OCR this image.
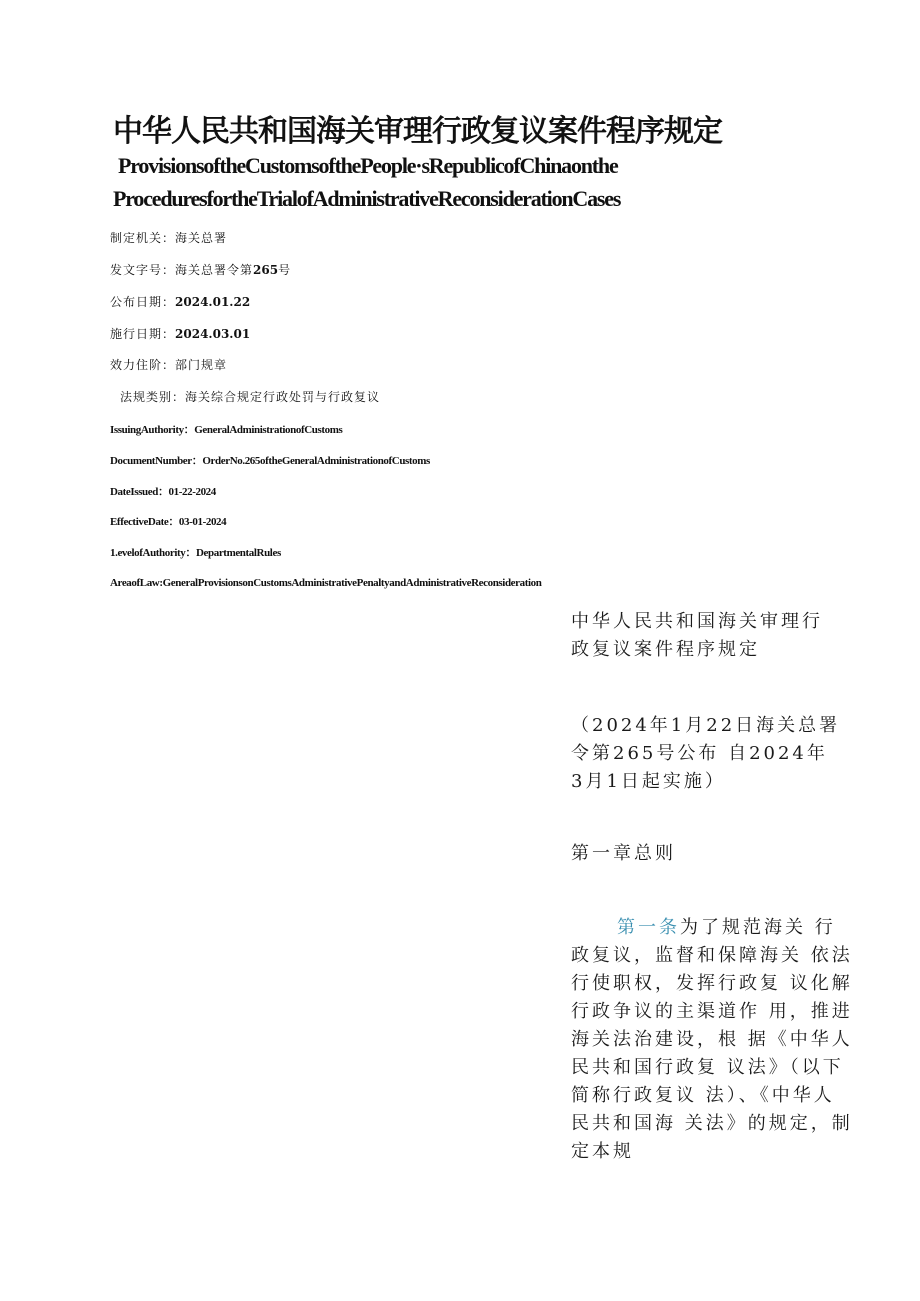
中华人民共和国海关审理行政复议案件程序规定
ProvisionsoftheCustomsofthePeople·sRepublicofChinaonthe
ProceduresfortheTrialofAdministrativeReconsiderationCases
制定机关：海关总署
发文字号：海关总署令第265号
公布日期：2024.01.22
施行日期：2024.03.01
效力住阶：部门规章
法规类别：海关综合规定行政处罚与行政复议
IssuingAuthority：GeneralAdministrationofCustoms
DocumentNumber：OrderNo.265oftheGeneralAdministrationofCustoms
DateIssued：01-22-2024
EffectiveDate：03-01-2024
1.evelofAuthority：DepartmentalRules
AreaofLaw:GeneralProvisionsonCustomsAdministrativePenaltyandAdministrativeReconsideration
中华人民共和国海关审理行
政复议案件程序规定
（2024年1月22日海关总署
令第265号公布 自2024年
3月1日起实施）
第一章总则
第一条为了规范海关 行
政复议，监督和保障海关 依法
行使职权，发挥行政复 议化解
行政争议的主渠道作 用，推进
海关法治建设，根 据《中华人
民共和国行政复 议法》（以下
简称行政复议 法）、《中华人
民共和国海 关法》的规定，制
定本规
